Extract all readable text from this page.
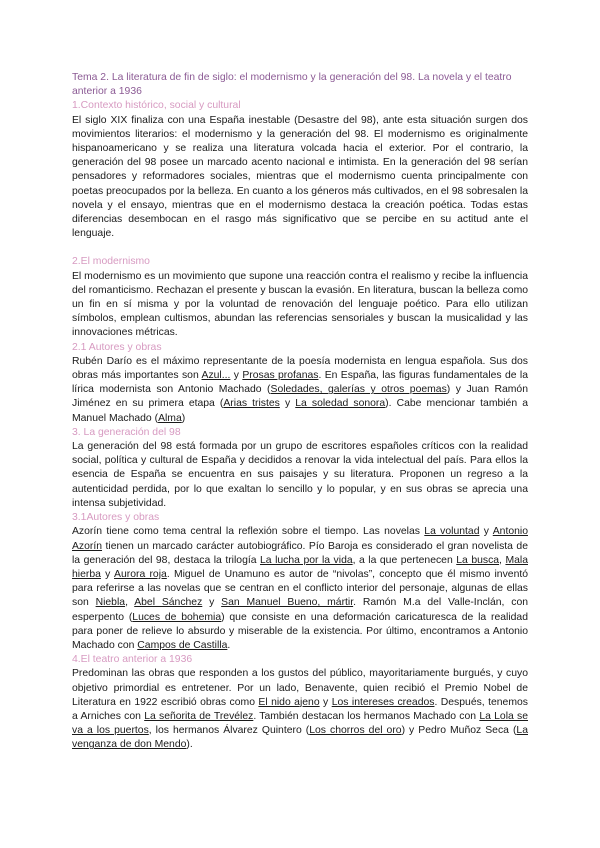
Tema 2. La literatura de fin de siglo: el modernismo y la generación del 98. La novela y el teatro anterior a 1936

1.Contexto histórico, social y cultural

El siglo XIX finaliza con una España inestable (Desastre del 98), ante esta situación surgen dos movimientos literarios: el modernismo y la generación del 98. El modernismo es originalmente hispanoamericano y se realiza una literatura volcada hacia el exterior. Por el contrario, la generación del 98 posee un marcado acento nacional e intimista. En la generación del 98 serían pensadores y reformadores sociales, mientras que el modernismo cuenta principalmente con poetas preocupados por la belleza. En cuanto a los géneros más cultivados, en el 98 sobresalen la novela y el ensayo, mientras que en el modernismo destaca la creación poética. Todas estas diferencias desembocan en el rasgo más significativo que se percibe en su actitud ante el lenguaje.

2.El modernismo

El modernismo es un movimiento que supone una reacción contra el realismo y recibe la influencia del romanticismo. Rechazan el presente y buscan la evasión. En literatura, buscan la belleza como un fin en sí misma y por la voluntad de renovación del lenguaje poético. Para ello utilizan símbolos, emplean cultismos, abundan las referencias sensoriales y buscan la musicalidad y las innovaciones métricas.

2.1 Autores y obras

Rubén Darío es el máximo representante de la poesía modernista en lengua española. Sus dos obras más importantes son Azul... y Prosas profanas. En España, las figuras fundamentales de la lírica modernista son Antonio Machado (Soledades, galerías y otros poemas) y Juan Ramón Jiménez en su primera etapa (Arias tristes y La soledad sonora). Cabe mencionar también a Manuel Machado (Alma)

3. La generación del 98

La generación del 98 está formada por un grupo de escritores españoles críticos con la realidad social, política y cultural de España y decididos a renovar la vida intelectual del país. Para ellos la esencia de España se encuentra en sus paisajes y su literatura. Proponen un regreso a la autenticidad perdida, por lo que exaltan lo sencillo y lo popular, y en sus obras se aprecia una intensa subjetividad.

3.1Autores y obras

Azorín tiene como tema central la reflexión sobre el tiempo. Las novelas La voluntad y Antonio Azorín tienen un marcado carácter autobiográfico. Pío Baroja es considerado el gran novelista de la generación del 98, destaca la trilogía La lucha por la vida, a la que pertenecen La busca, Mala hierba y Aurora roja. Miguel de Unamuno es autor de “nivolas”, concepto que él mismo inventó para referirse a las novelas que se centran en el conflicto interior del personaje, algunas de ellas son Niebla, Abel Sánchez y San Manuel Bueno, mártir. Ramón M.a del Valle-Inclán, con esperpento (Luces de bohemia) que consiste en una deformación caricaturesca de la realidad para poner de relieve lo absurdo y miserable de la existencia. Por último, encontramos a Antonio Machado con Campos de Castilla.

4.El teatro anterior a 1936

Predominan las obras que responden a los gustos del público, mayoritariamente burgués, y cuyo objetivo primordial es entretener. Por un lado, Benavente, quien recibió el Premio Nobel de Literatura en 1922 escribió obras como El nido ajeno y Los intereses creados. Después, tenemos a Arniches con La señorita de Trevélez. También destacan los hermanos Machado con La Lola se va a los puertos, los hermanos Álvarez Quintero (Los chorros del oro) y Pedro Muñoz Seca (La venganza de don Mendo).
